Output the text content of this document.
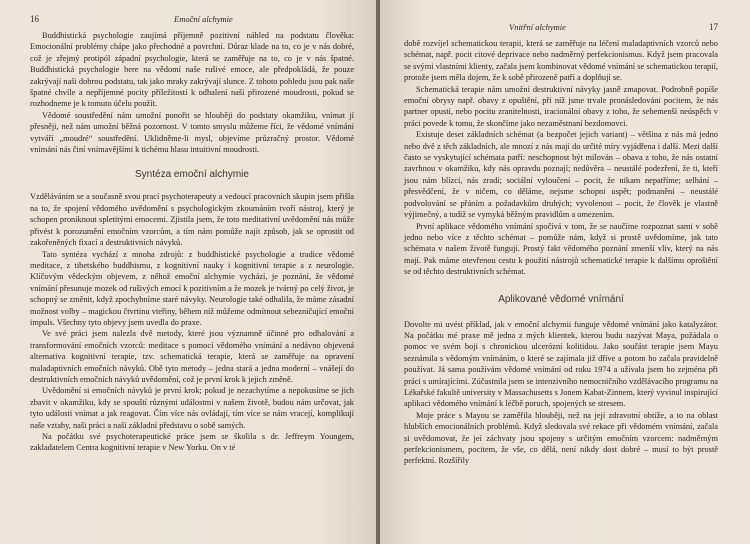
16	Emoční alchymie

Buddhistická psychologie zaujímá příjemně pozitivní náhled na podstatu člověka: Emocionální problémy chápe jako přechodné a povrchní. Důraz klade na to, co je v nás dobré, což je zřejmý protipól západní psychologie, která se zaměřuje na to, co je v nás špatné. Buddhistická psychologie bere na vědomí naše rušivé emoce, ale předpokládá, že pouze zakrývají naši dobrou podstatu, tak jako mraky zakrývají slunce. Z tohoto pohledu jsou pak naše špatné chvíle a nepříjemné pocity příležitostí k odhalení naší přirozené moudrosti, pokud se rozhodneme je k tomuto účelu použít.

Vědomé soustředění nám umožní ponořit se hlouběji do podstaty okamžiku, vnímat jí přesněji, než nám umožní běžná pozornost. V tomto smyslu můžeme říci, že vědomé vnímání vytváří „moudré“ soustředění. Uklidněme-li mysl, objevíme průzračný prostor. Vědomé vnímání nás činí vnímavějšími k tichému hlasu intuitivní moudrosti.

Syntéza emoční alchymie

Vzdělávánim se a současně svou prací psychoterapeuty a vedoucí pracovních skupin jsem přišla na to, že spojení vědomého uvědomění s psychologickým zkoumáním tvoří nástroj, který je schopen proniknout spletitými emocemi. Zjistila jsem, že toto meditativní uvědomění nás může přivést k porozumění emočním vzorcům, a tím nám pomůže najít způsob, jak se oprostit od zakořeněných fixací a destruktivních návyků.

Tato syntéza vychází z mnoha zdrojů: z buddhistické psychologie a tradice vědomé meditace, z tibetského buddhismu, z kognitivní nauky i kognitivní terapie a z neurologie. Klíčovým vědeckým objevem, z něhož emoční alchymie vychází, je poznání, že vědomé vnímání přesunuje mozek od rušivých emocí k pozitivním a že mozek je tvárný po celý život, je schopný se změnit, když zpochybníme staré návyky. Neurologie také odhalila, že máme zásadní možnost volby – magickou čtvrtinu vteřiny, během níž můžeme odmítnout sebezničující emoční impuls. Všechny tyto objevy jsem uvedla do praxe.

Ve své práci jsem nalezla dvě metody, které jsou významně účinné pro odhalování a transformování emočních vzorců: meditace s pomocí vědomého vnímání a nedávno objevená alternativa kognitivní terapie, tzv. schematická terapie, která se zaměřuje na opravení maladaptivních emočních návyků. Obě tyto metody – jedna stará a jedna moderní – vnášejí do destruktivních emočních návyků uvědomění, což je první krok k jejich změně.

Uvědomění si emočních návyků je první krok; pokud je nezachytíme a nepokusíme se jich zbavit v okamžiku, kdy se spouští různými událostmi v našem životě, budou nám určovat, jak tyto události vnímat a jak reagovat. Čím více nás ovládají, tím více se nám vracejí, komplikují naše vztahy, naši práci a naši základní představu o sobě samých.

Na počátku své psychoterapeutické práce jsem se školila s dr. Jeffreym Youngem, zakladatelem Centra kognitivní terapie v New Yorku. On v té

Vnitřní alchymie	17

době rozvíjel schematickou terapii, která se zaměřuje na léčení maladaptivních vzorců nebo schémat, např. pocit citové deprivace nebo nadměrný perfekcionismus. Když jsem pracovala se svými vlastními klienty, začala jsem kombinovat vědomé vnímání se schematickou terapií, protože jsem měla dojem, že k sobě přirozeně patří a doplňují se.

Schematická terapie nám umožní destruktivní návyky jasně zmapovat. Podrobně popíše emoční obrysy např. obavy z opuštění, při níž jsme trvale pronásledováni pocitem, že nás partner opustí, nebo pocitu zranitelnosti, iracionální obavy z toho, že sebemenší neúspěch v práci povede k tomu, že skončíme jako nezaměstnaní bezdomovci.

Existuje deset základních schémat (a bezpočet jejich variant) – většina z nás má jedno nebo dvě z těch základních, ale mnozí z nás mají do určité míry vyjádřena i další. Mezi další často se vyskytující schémata patří: neschopnost být milován – obava z toho, že nás ostatní zavrhnou v okamžiku, kdy nás opravdu poznají; nedůvěra – neustálé podezření, že ti, kteří jsou nám blízcí, nás zradí; sociální vyloučení – pocit, že nikam nepatříme; selhání – přesvědčení, že v ničem, co děláme, nejsme schopni uspět; podmanění – neustálé podvolování se přáním a požadavkům druhých; vyvolenost – pocit, že člověk je vlastně výjimečný, a tudíž se vymyká běžným pravidlům a omezením.

První aplikace vědomého vnímání spočívá v tom, že se naučíme rozpoznat sami v sobě jedno nebo více z těchto schémat – pomůže nám, když si prostě uvědomíme, jak tato schémata v našem životě fungují. Prostý fakt vědomého poznání zmenší vliv, který na nás mají. Pak máme otevřenou cestu k použití nástrojů schematické terapie k dalšímu oproštění se od těchto destruktivních schémat.

Aplikované vědomé vnímání

Dovolte mi uvést příklad, jak v emoční alchymii funguje vědomé vnímání jako katalyzátor. Na počátku mé praxe mě jedna z mých klientek, kterou budu nazývat Maya, požádala o pomoc ve svém boji s chronickou ulcerózní kolitidou. Jako součást terapie jsem Mayu seznámila s vědomým vnímáním, o které se zajímala již dříve a potom ho začala pravidelně používat. Já sama používám vědomé vnímání od roku 1974 a užívala jsem ho zejména při práci s umírajícími. Zúčastnila jsem se intenzivního nemocničního vzdělávacího programu na Lékařské fakultě university v Massachusetts s Jonem Kabat-Zinnem, který vyvinul inspirující aplikaci vědomého vnímání k léčbě poruch, spojených se stresem.

Moje práce s Mayou se zaměřila hlouběji, než na její zdravotní obtíže, a to na oblast hlubších emocionálních problémů. Když sledovala své rekace při vědomém vnímání, začala si uvědomovat, že jeí záchvaty jsou spojeny s určitým emočním vzorcem: nadměrným perfekcionismem, pocitem, že vše, co dělá, není nikdy dost dobré – musí to být prostě perfektní. Rozšířily
